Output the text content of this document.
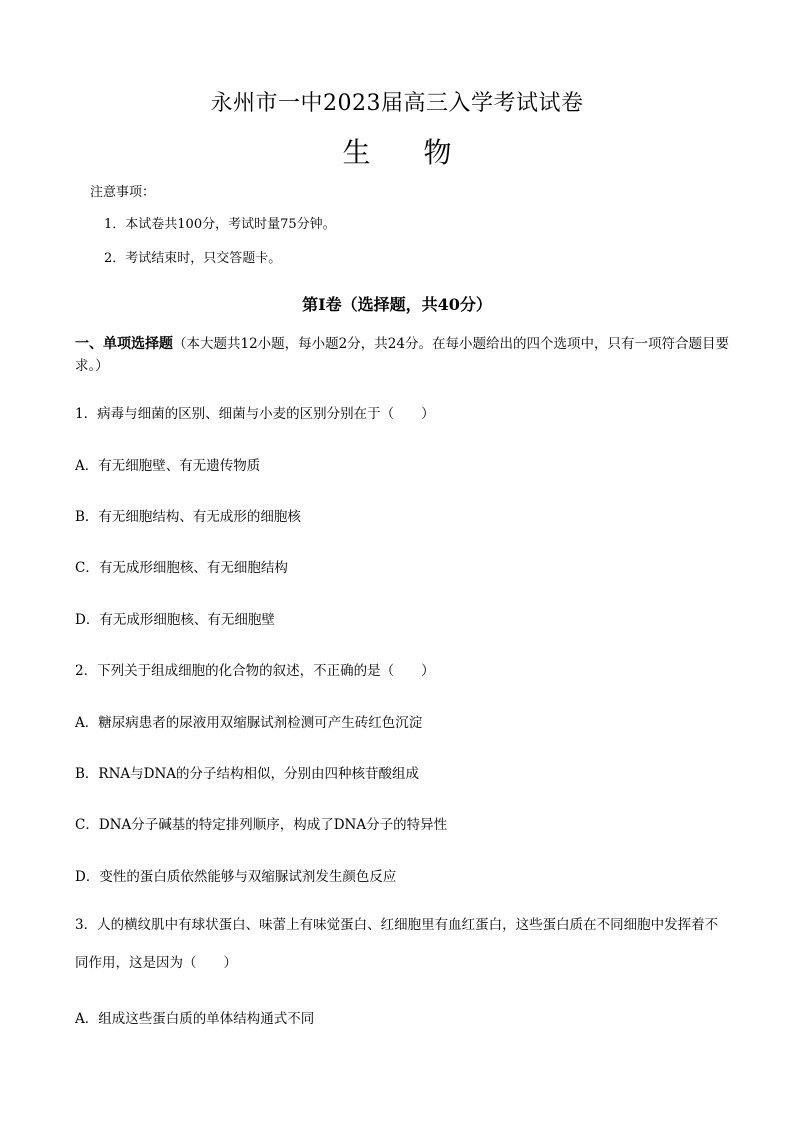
永州市一中2023届高三入学考试试卷
生 物
注意事项：
1．本试卷共100分，考试时量75分钟。
2．考试结束时，只交答题卡。
第Ⅰ卷（选择题，共40分）
一、单项选择题（本大题共12小题，每小题2分，共24分。在每小题给出的四个选项中，只有一项符合题目要求。）
1．病毒与细菌的区别、细菌与小麦的区别分别在于（　　）
A．有无细胞壁、有无遗传物质
B．有无细胞结构、有无成形的细胞核
C．有无成形细胞核、有无细胞结构
D．有无成形细胞核、有无细胞壁
2．下列关于组成细胞的化合物的叙述，不正确的是（　　）
A．糖尿病患者的尿液用双缩脲试剂检测可产生砖红色沉淀
B．RNA与DNA的分子结构相似，分别由四种核苷酸组成
C．DNA分子碱基的特定排列顺序，构成了DNA分子的特异性
D．变性的蛋白质依然能够与双缩脲试剂发生颜色反应
3．人的横纹肌中有球状蛋白、味蕾上有味觉蛋白、红细胞里有血红蛋白，这些蛋白质在不同细胞中发挥着不同作用，这是因为（　　）
A．组成这些蛋白质的单体结构通式不同
